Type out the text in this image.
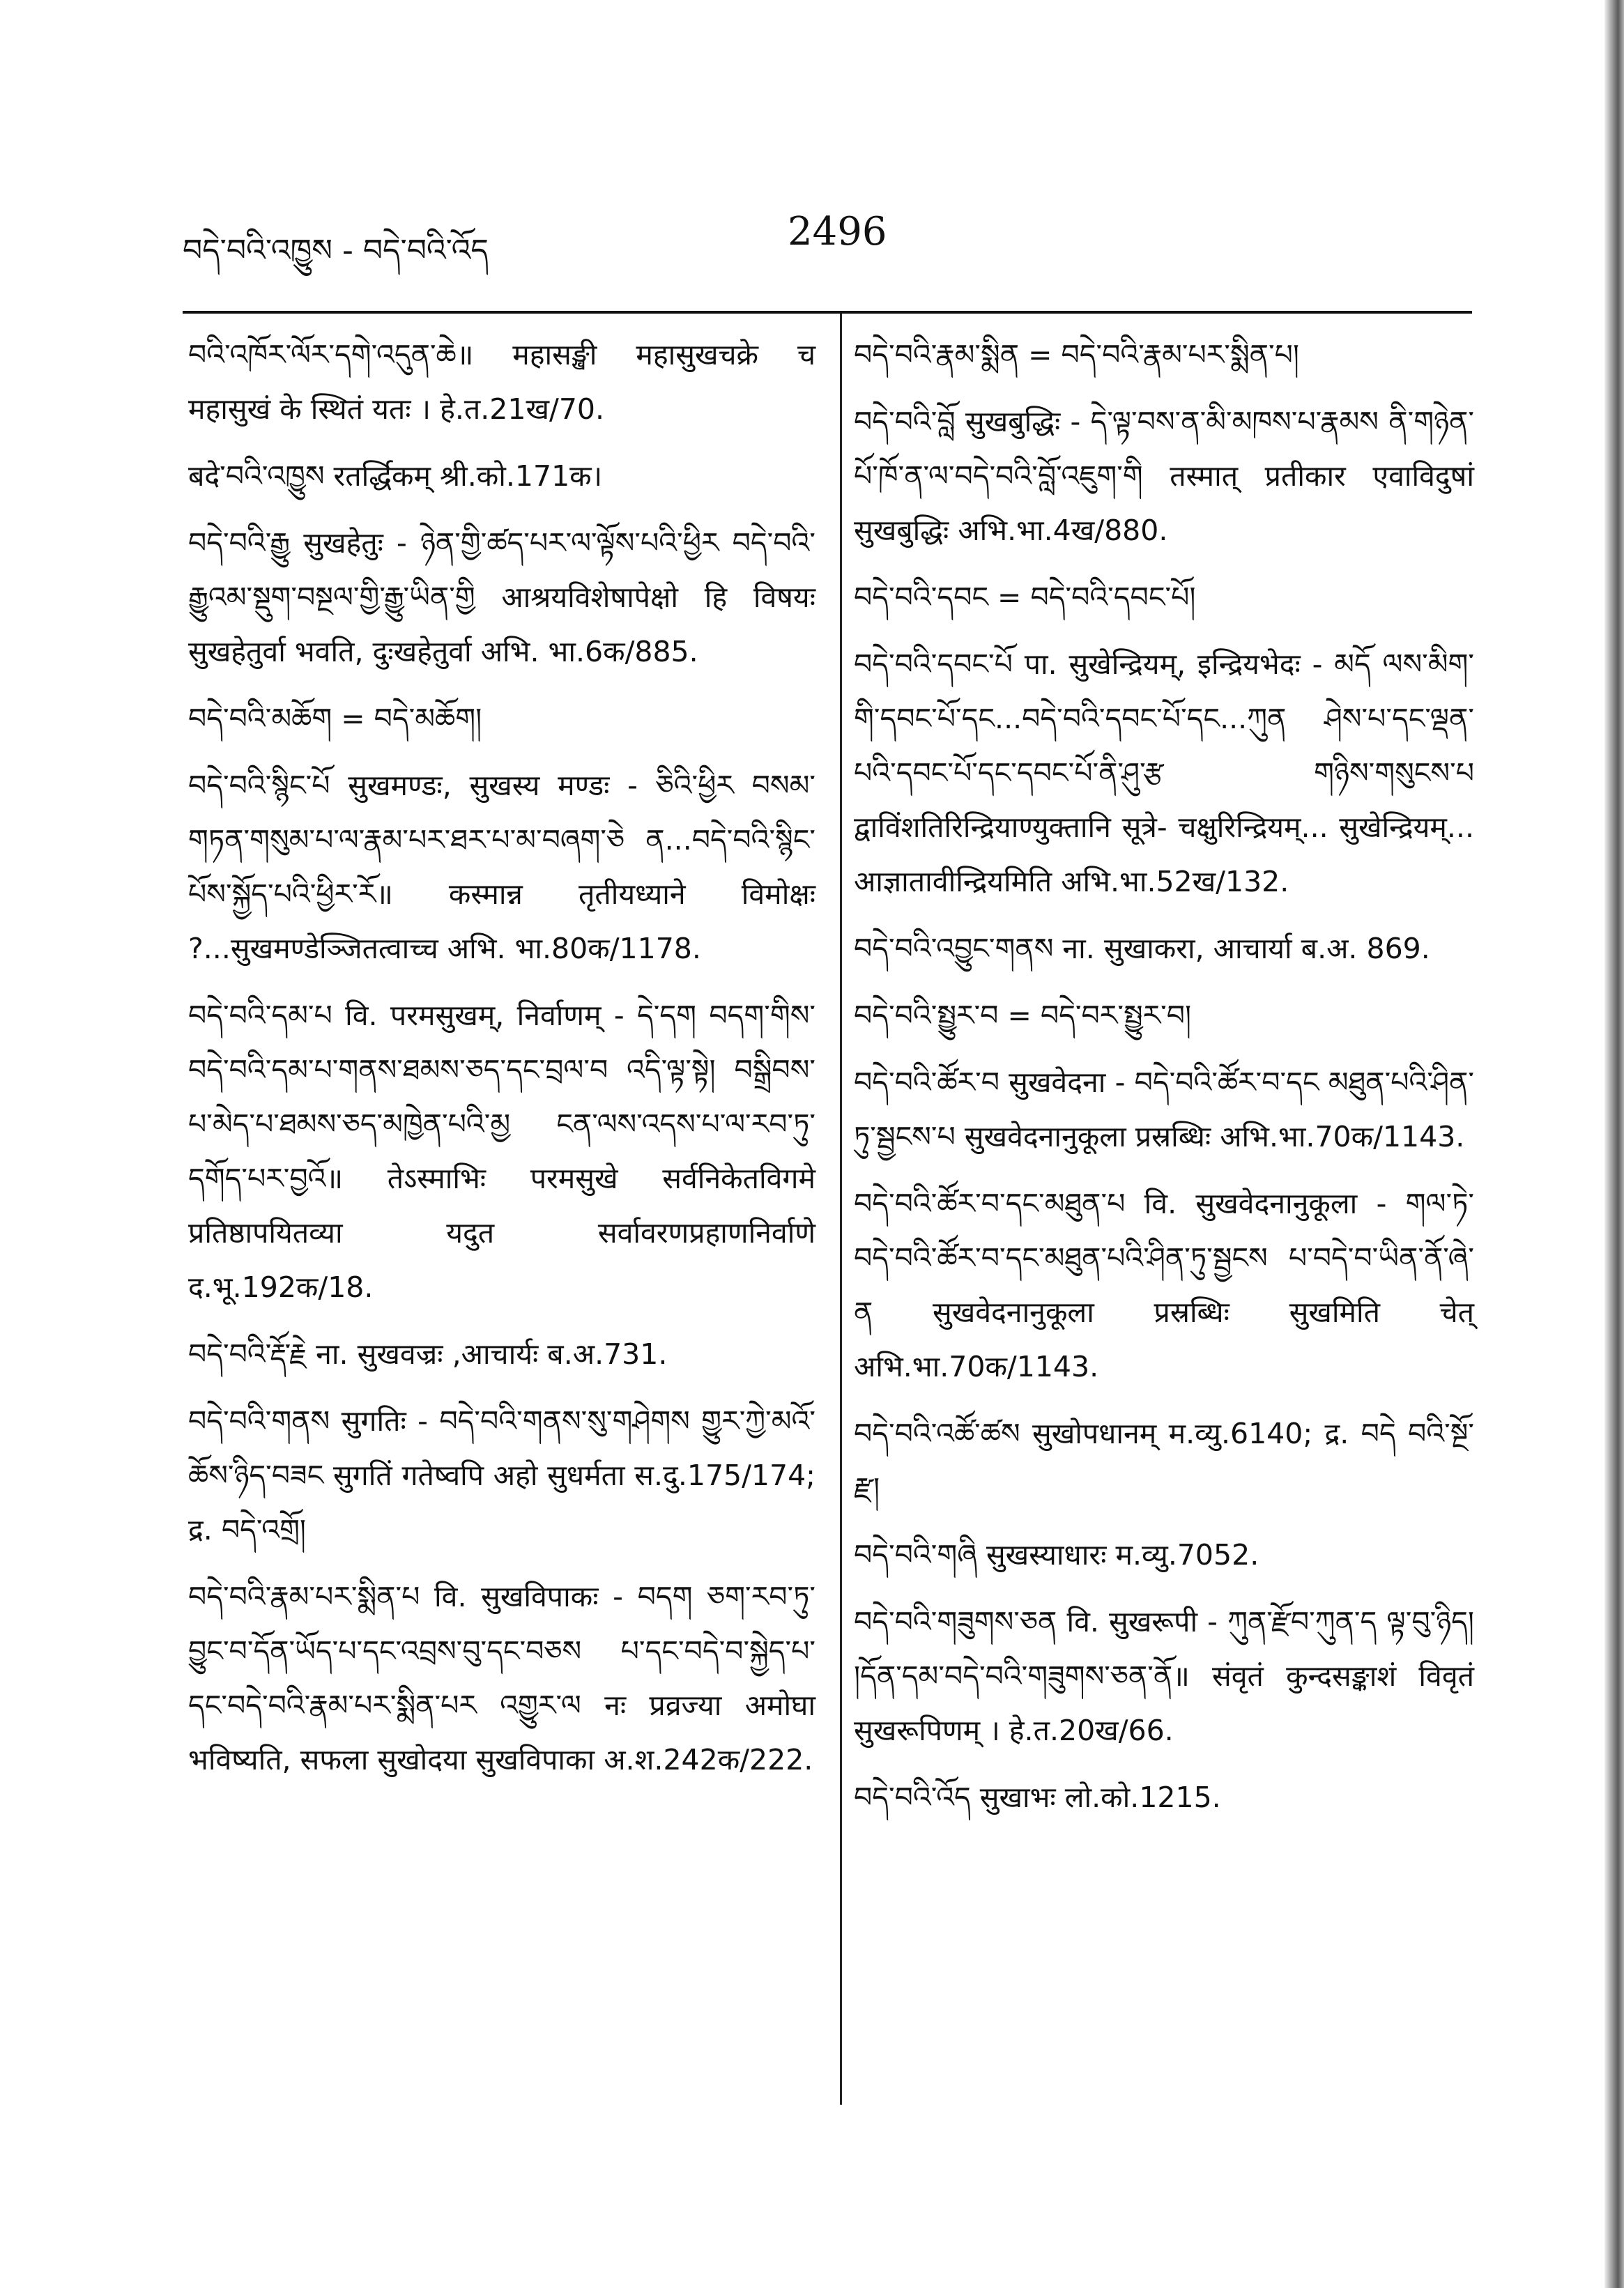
བདེ་བའི་འཁྱུས - བདེ་བའི་འོད	2496

བའི་འཁོར་ལོར་དགེ་འདུན་ཆེ॥ महासङ्खी महासुखचक्रे च महासुखं के स्थितं यतः । हे.त.21ख/70.

बदे་བའི་འཁྱུས रतर्द्धिकम् श्री.को.171क।

བདེ་བའི་རྒྱུ सुखहेतुः - ཉེན་གྱི་ཚད་པར་ལ་ལྟོས་པའི་ཕྱིར བདེ་བའི་རྒྱུའམ་སྡུག་བསྔལ་གྱི་རྒྱུ་ཡིན་གྱི आश्रयविशेषापेक्षो हि विषयः सुखहेतुर्वा भवति, दुःखहेतुर्वा अभि. भा.6क/885.

བདེ་བའི་མཆོག = བདེ་མཆོག།

བདེ་བའི་སྙིང་པོ सुखमण्डः, सुखस्य मण्डः - ཅིའི་ཕྱིར བསམ་གཏན་གསུམ་པ་ལ་རྣམ་པར་ཐར་པ་མ་བཞག་ཅེ ན...བདེ་བའི་སྙིང་པོས་སྐྱོད་པའི་ཕྱིར་རོ॥ कस्मान्न तृतीयध्याने विमोक्षः ?...सुखमण्डेञ्जितत्वाच्च अभि. भा.80क/1178.

བདེ་བའི་དམ་པ वि. परमसुखम्, निर्वाणम् - དེ་དག བདག་གིས་བདེ་བའི་དམ་པ་གནས་ཐམས་ཅད་དང་བྲལ་བ འདི་ལྟ་སྟེ། བསྒྲིབས་པ་མེད་པ་ཐམས་ཅད་མཁྱེན་པའི་མྱ ངན་ལས་འདས་པ་ལ་རབ་ཏུ་དགོད་པར་བྱའོ॥ तेऽस्माभिः परमसुखे सर्वनिकेतविगमे प्रतिष्ठापयितव्या यदुत सर्वावरणप्रहाणनिर्वाणे द.भू.192क/18.

བདེ་བའི་རྡོ་རྗེ ना. सुखवज्रः ,आचार्यः ब.अ.731.

བདེ་བའི་གནས सुगतिः - བདེ་བའི་གནས་སུ་གཤེགས གྱུར་ཀྱེ་མའོ་ཆོས་ཉིད་བཟང सुगतिं गतेष्वपि अहो सुधर्मता स.दु.175/174; द्र. བདེ་འགྲོ།

བདེ་བའི་རྣམ་པར་སྨིན་པ वि. सुखविपाकः - བདག ཅག་རབ་ཏུ་བྱུང་བ་དོན་ཡོད་པ་དང་འབྲས་བུ་དང་བཅས པ་དང་བདེ་བ་སྐྱེད་པ་དང་བདེ་བའི་རྣམ་པར་སྨིན་པར འགྱུར་ལ नः प्रव्रज्या अमोघा भविष्यति, सफला सुखोदया सुखविपाका अ.श.242क/222.

བདེ་བའི་རྣམ་སྨིན = བདེ་བའི་རྣམ་པར་སྨིན་པ།

བདེ་བའི་བློ सुखबुद्धिः - དེ་ལྟ་བས་ན་མི་མཁས་པ་རྣམས ནི་གཉེན་པོ་ཁོ་ན་ལ་བདེ་བའི་བློ་འཇུག་གི तस्मात् प्रतीकार एवाविदुषां सुखबुद्धिः अभि.भा.4ख/880.

བདེ་བའི་དབང = བདེ་བའི་དབང་པོ།

བདེ་བའི་དབང་པོ पा. सुखेन्द्रियम्, इन्द्रियभेदः - མདོ ལས་མིག་གི་དབང་པོ་དང...བདེ་བའི་དབང་པོ་དང...ཀུན ཤེས་པ་དང་ལྡན་པའི་དབང་པོ་དང་དབང་པོ་ནི་ཤུ་རྩ གཉིས་གསུངས་པ द्वाविंशतिरिन्द्रियाण्युक्तानि सूत्रे- चक्षुरिन्द्रियम्... सुखेन्द्रियम्... आज्ञातावीन्द्रियमिति अभि.भा.52ख/132.

བདེ་བའི་འབྱུང་གནས ना. सुखाकरा, आचार्या ब.अ. 869.

བདེ་བའི་སྤྱུར་བ = བདེ་བར་སྤྱུར་བ།

བདེ་བའི་ཚོར་བ सुखवेदना - བདེ་བའི་ཚོར་བ་དང མཐུན་པའི་ཤིན་ཏུ་སྦྱངས་པ सुखवेदनानुकूला प्रस्रब्धिः अभि.भा.70क/1143.

བདེ་བའི་ཚོར་བ་དང་མཐུན་པ वि. सुखवेदनानुकूला - གལ་ཏེ་བདེ་བའི་ཚོར་བ་དང་མཐུན་པའི་ཤིན་ཏུ་སྦྱངས པ་བདེ་བ་ཡིན་ནོ་ཞེ་ན सुखवेदनानुकूला प्रस्रब्धिः सुखमिति चेत् अभि.भा.70क/1143.

བདེ་བའི་འཚོ་ཚས सुखोपधानम् म.व्यु.6140; द्र. བདེ བའི་སྔོ་རྫ།

བདེ་བའི་གཞི सुखस्याधारः म.व्यु.7052.

བདེ་བའི་གཟུགས་ཅན वि. सुखरूपी - ཀུན་རྫོབ་ཀུན་ད ལྟ་བུ་ཉིད། །དོན་དམ་བདེ་བའི་གཟུགས་ཅན་ནོ॥ संवृतं कुन्दसङ्काशं विवृतं सुखरूपिणम् । हे.त.20ख/66.

བདེ་བའི་འོད सुखाभः लो.को.1215.
